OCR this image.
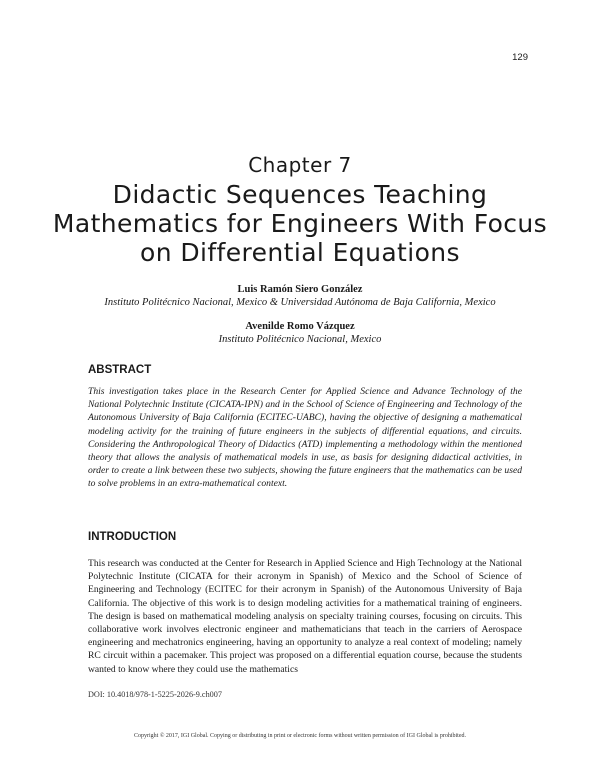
129
Chapter 7
Didactic Sequences Teaching Mathematics for Engineers With Focus on Differential Equations
Luis Ramón Siero González
Instituto Politécnico Nacional, Mexico & Universidad Autónoma de Baja California, Mexico
Avenilde Romo Vázquez
Instituto Politécnico Nacional, Mexico
ABSTRACT
This investigation takes place in the Research Center for Applied Science and Advance Technology of the National Polytechnic Institute (CICATA-IPN) and in the School of Science of Engineering and Technology of the Autonomous University of Baja California (ECITEC-UABC), having the objective of designing a mathematical modeling activity for the training of future engineers in the subjects of differential equations, and circuits. Considering the Anthropological Theory of Didactics (ATD) implementing a methodology within the mentioned theory that allows the analysis of mathematical models in use, as basis for designing didactical activities, in order to create a link between these two subjects, showing the future engineers that the mathematics can be used to solve problems in an extra-mathematical context.
INTRODUCTION
This research was conducted at the Center for Research in Applied Science and High Technology at the National Polytechnic Institute (CICATA for their acronym in Spanish) of Mexico and the School of Science of Engineering and Technology (ECITEC for their acronym in Spanish) of the Autonomous University of Baja California. The objective of this work is to design modeling activities for a mathematical training of engineers. The design is based on mathematical modeling analysis on specialty training courses, focusing on circuits. This collaborative work involves electronic engineer and mathematicians that teach in the carriers of Aerospace engineering and mechatronics engineering, having an opportunity to analyze a real context of modeling; namely RC circuit within a pacemaker. This project was proposed on a differential equation course, because the students wanted to know where they could use the mathematics
DOI: 10.4018/978-1-5225-2026-9.ch007
Copyright © 2017, IGI Global. Copying or distributing in print or electronic forms without written permission of IGI Global is prohibited.
